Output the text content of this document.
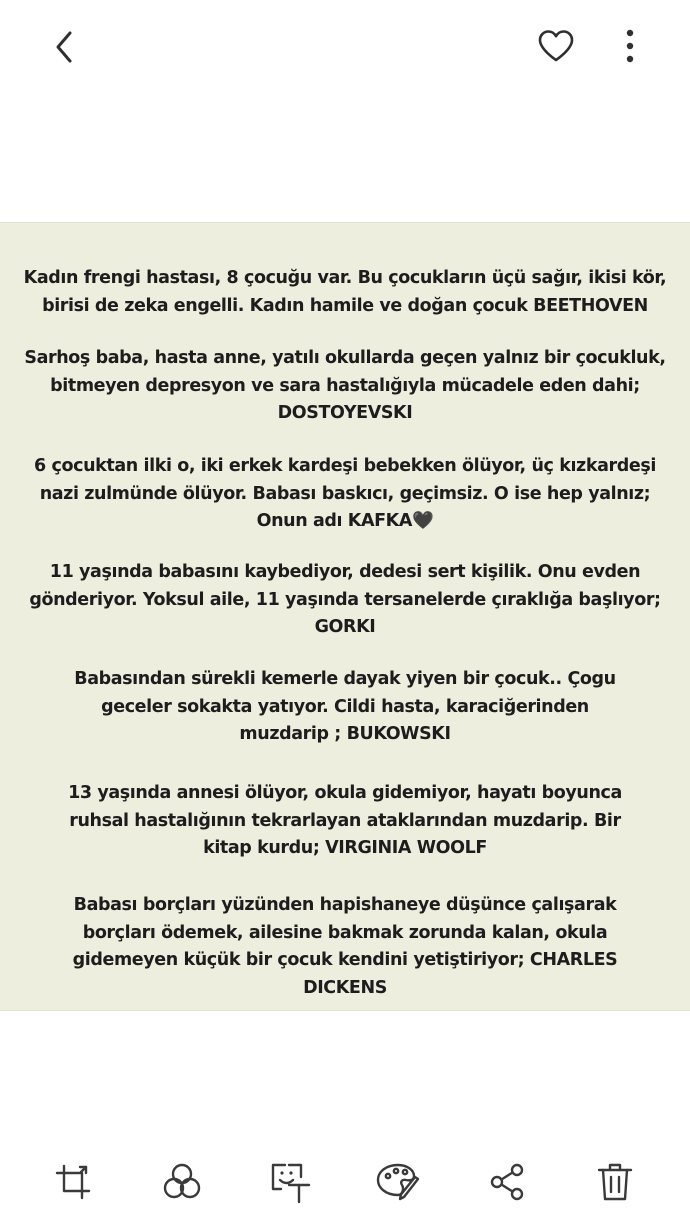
Kadın frengi hastası, 8 çocuğu var. Bu çocukların üçü sağır, ikisi kör,
birisi de zeka engelli. Kadın hamile ve doğan çocuk BEETHOVEN
Sarhoş baba, hasta anne, yatılı okullarda geçen yalnız bir çocukluk,
bitmeyen depresyon ve sara hastalığıyla mücadele eden dahi;
DOSTOYEVSKI
6 çocuktan ilki o, iki erkek kardeşi bebekken ölüyor, üç kızkardeşi
nazi zulmünde ölüyor. Babası baskıcı, geçimsiz. O ise hep yalnız;
Onun adı KAFKA🖤
11 yaşında babasını kaybediyor, dedesi sert kişilik. Onu evden
gönderiyor. Yoksul aile, 11 yaşında tersanelerde çıraklığa başlıyor;
GORKI
Babasından sürekli kemerle dayak yiyen bir çocuk.. Çogu
geceler sokakta yatıyor. Cildi hasta, karaciğerinden
muzdarip ; BUKOWSKI
13 yaşında annesi ölüyor, okula gidemiyor, hayatı boyunca
ruhsal hastalığının tekrarlayan ataklarından muzdarip. Bir
kitap kurdu; VIRGINIA WOOLF
Babası borçları yüzünden hapishaneye düşünce çalışarak
borçları ödemek, ailesine bakmak zorunda kalan, okula
gidemeyen küçük bir çocuk kendini yetiştiriyor; CHARLES
DICKENS
